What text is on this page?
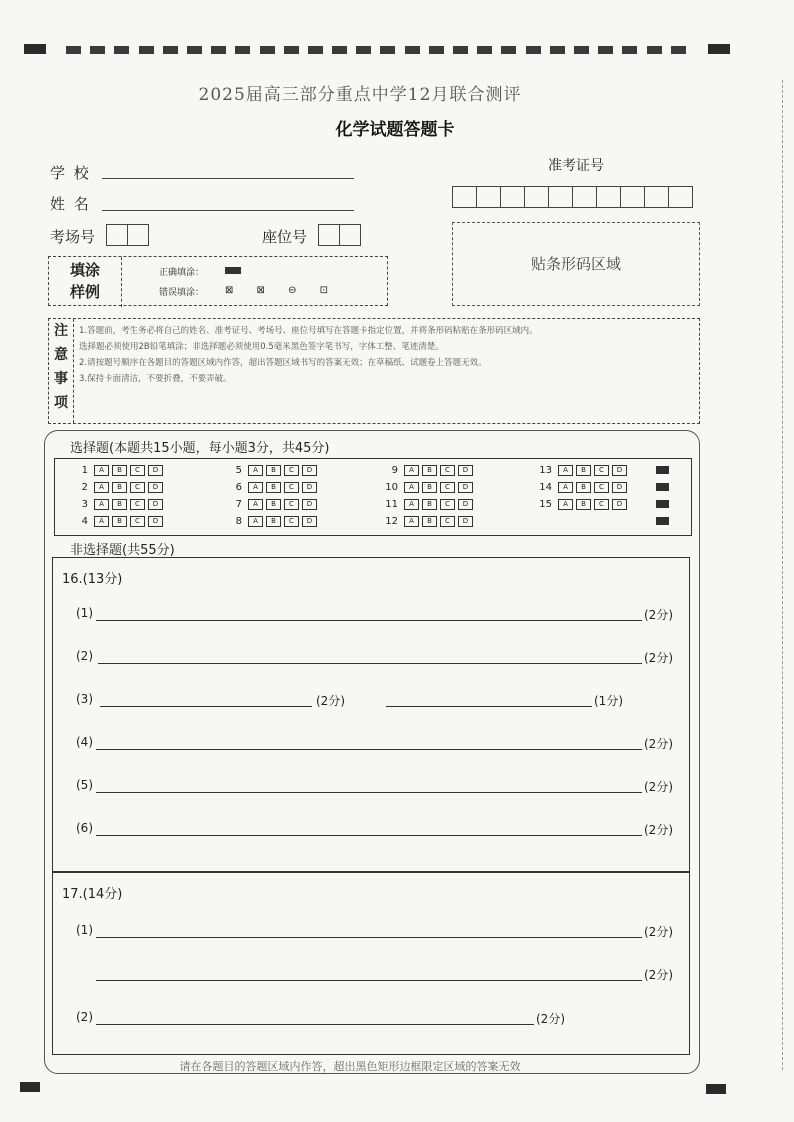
2025届高三部分重点中学12月联合测评
化学试题答题卡
学 校
姓 名
考场号	座位号
准考证号
贴条形码区域
填涂
样例
正确填涂：
错误填涂： ⊠ ⊠ ⊖ ⊡
注
意
事
项
1.答题前，考生务必将自己的姓名、准考证号、考场号、座位号填写在答题卡指定位置，并将条形码粘贴在条形码区域内。
选择题必须使用2B铅笔填涂；非选择题必须使用0.5毫米黑色签字笔书写，字体工整、笔迹清楚。
2.请按题号顺序在各题目的答题区域内作答，超出答题区域书写的答案无效；在草稿纸、试题卷上答题无效。
3.保持卡面清洁，不要折叠，不要弄破。
选择题(本题共15小题，每小题3分，共45分)
1	A	B	C	D
2	A	B	C	D
3	A	B	C	D
4	A	B	C	D
5	A	B	C	D
6	A	B	C	D
7	A	B	C	D
8	A	B	C	D
9	A	B	C	D
10	A	B	C	D
11	A	B	C	D
12	A	B	C	D
13	A	B	C	D
14	A	B	C	D
15	A	B	C	D
非选择题(共55分)
16.(13分)
(1)	(2分)
(2)	(2分)
(3)	(2分)	(1分)
(4)	(2分)
(5)	(2分)
(6)	(2分)
17.(14分)
(1)	(2分)
(2分)
(2)	(2分)
请在各题目的答题区域内作答，超出黑色矩形边框限定区域的答案无效
